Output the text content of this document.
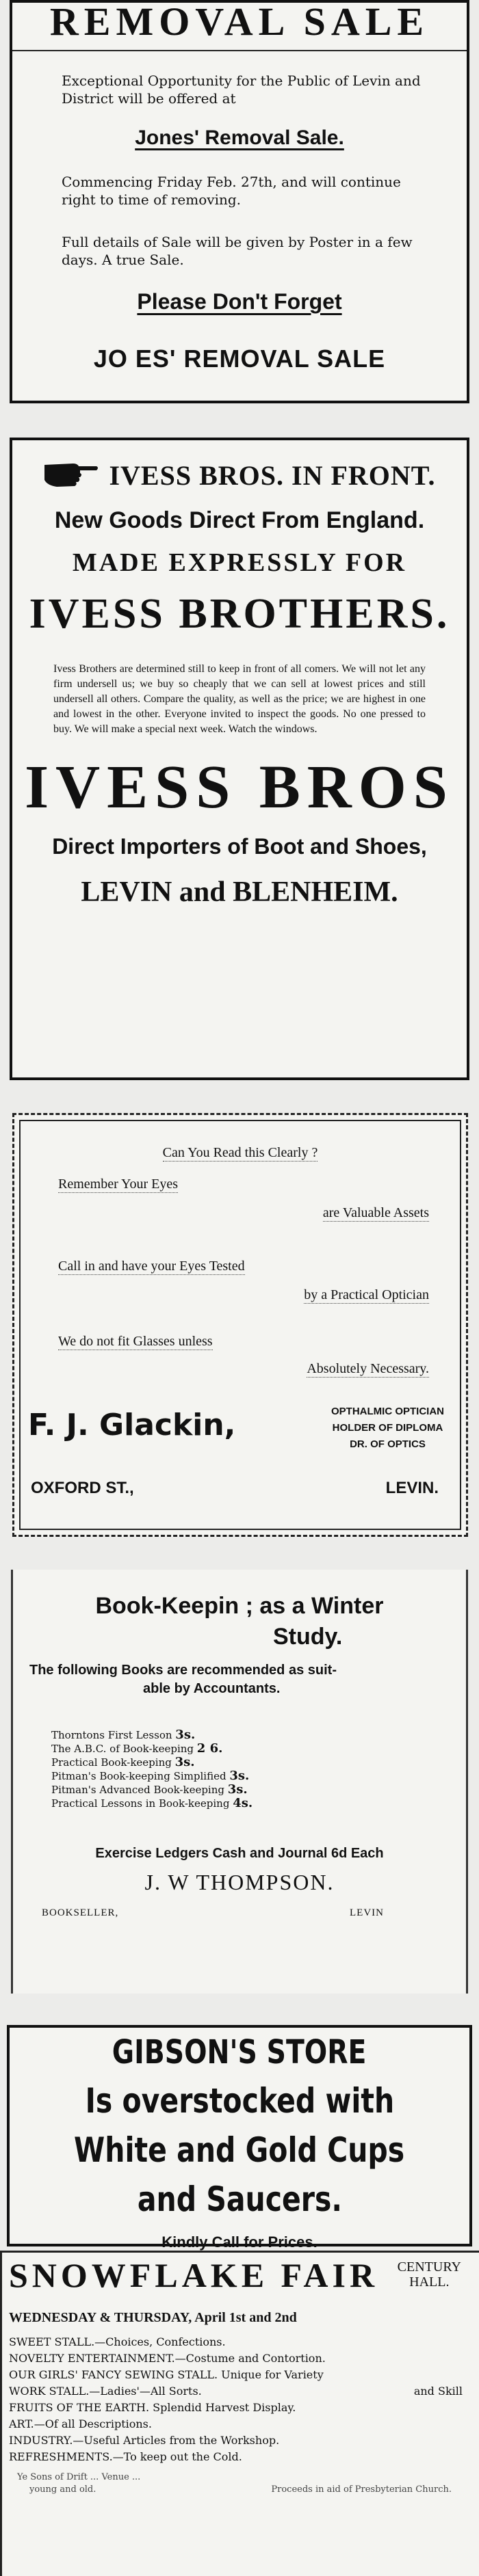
REMOVAL SALE
Exceptional Opportunity for the Public of Levin and District will be offered at
Jones' Removal Sale.
Commencing Friday Feb. 27th, and will continue right to time of removing.
Full details of Sale will be given by Poster in a few days. A true Sale.
Please Don't Forget
JO ES' REMOVAL SALE
IVESS BROS. IN FRONT.
New Goods Direct From England.
MADE EXPRESSLY FOR
IVESS BROTHERS.
Ivess Brothers are determined still to keep in front of all comers. We will not let any firm undersell us; we buy so cheaply that we can sell at lowest prices and still undersell all others. Compare the quality, as well as the price; we are highest in one and lowest in the other. Everyone invited to inspect the goods. No one pressed to buy. We will make a special next week. Watch the windows.
IVESS BROS
Direct Importers of Boot and Shoes,
LEVIN and BLENHEIM.
Can You Read this Clearly ?
Remember Your Eyes
are Valuable Assets
Call in and have your Eyes Tested
by a Practical Optician
We do not fit Glasses unless
Absolutely Necessary.
F. J. Glackin,	OPTHALMIC OPTICIAN
HOLDER OF DIPLOMA
DR. OF OPTICS
OXFORD ST.,	LEVIN.
Book-Keepin ; as a Winter
Study.
The following Books are recommended as suit-
able by Accountants.
Thorntons First Lesson 3s.
The A.B.C. of Book-keeping 2 6.
Practical Book-keeping 3s.
Pitman's Book-keeping Simplified 3s.
Pitman's Advanced Book-keeping 3s.
Practical Lessons in Book-keeping 4s.
Exercise Ledgers Cash and Journal 6d Each
J. W THOMPSON.
BOOKSELLER,	LEVIN
GIBSON'S STORE
Is overstocked with
White and Gold Cups
and Saucers.
Kindly Call for Prices.
SNOWFLAKE FAIR CENTURY
HALL.
WEDNESDAY & THURSDAY, April 1st and 2nd
SWEET STALL.—Choices, Confections.
NOVELTY ENTERTAINMENT.—Costume and Contortion.
OUR GIRLS' FANCY SEWING STALL. Unique for Variety
WORK STALL.—Ladies'—All Sorts.	and Skill
FRUITS OF THE EARTH. Splendid Harvest Display.
ART.—Of all Descriptions.
INDUSTRY.—Useful Articles from the Workshop.
REFRESHMENTS.—To keep out the Cold.
Ye Sons of Drift ... Venue ...
young and old.	Proceeds in aid of Presbyterian Church.
